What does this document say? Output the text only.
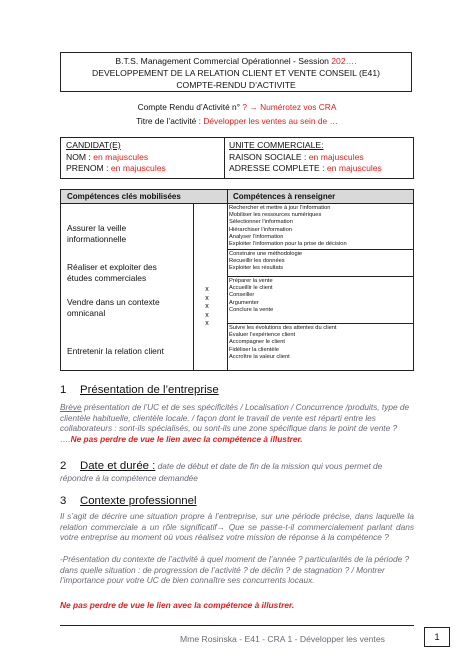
B.T.S. Management Commercial Opérationnel - Session 202….
DEVELOPPEMENT DE LA RELATION CLIENT ET VENTE CONSEIL (E41)
COMPTE-RENDU D’ACTIVITE
Compte Rendu d’Activité n° ? → Numérotez vos CRA
Titre de l’activité : Développer les ventes au sein de …
CANDIDAT(E)
NOM : en majuscules
PRENOM : en majuscules
UNITE COMMERCIALE:
RAISON SOCIALE : en majuscules
ADRESSE COMPLETE : en majuscules
Compétences clés mobilisées	Compétences à renseigner
Assurer la veille informationnelle
Réaliser et exploiter des études commerciales
Vendre dans un contexte omnicanal
Entretenir la relation client
x
x
x
x
x
Rechercher et mettre à jour l’information
Mobiliser les ressources numériques
Sélectionner l’information
Hiérarchiser l’information
Analyser l’information
Exploiter l’information pour la prise de décision
Construire une méthodologie
Recueillir les données
Exploiter les résultats
Préparer la vente
Accueillir le client
Conseiller
Argumenter
Conclure la vente
Suivre les évolutions des attentes du client
Évaluer l’expérience client
Accompagner le client
Fidéliser la clientèle
Accroître la valeur client
1 Présentation de l’entreprise
Brève présentation de l’UC et de ses spécificités / Localisation / Concurrence /produits, type de clientèle habituelle, clientèle locale. / façon dont le travail de vente est réparti entre les collaborateurs : sont-ils spécialisés, ou sont-ils une zone spécifique dans le point de vente ? ….Ne pas perdre de vue le lien avec la compétence à illustrer.
2 Date et durée : date de début et date de fin de la mission qui vous permet de répondre à la compétence demandée
3 Contexte professionnel
Il s’agit de décrire une situation propre à l’entreprise, sur une période précise, dans laquelle la relation commerciale a un rôle significatif→ Que se passe-t-il commercialement parlant dans votre entreprise au moment où vous réalisez votre mission de réponse à la compétence ?
-Présentation du contexte de l’activité à quel moment de l’année ? particularités de la période ? dans quelle situation : de progression de l’activité ? de déclin ? de stagnation ? / Montrer l’importance pour votre UC de bien connaître ses concurrents locaux.
Ne pas perdre de vue le lien avec la compétence à illustrer.
Mme Rosinska - E41 - CRA 1 - Développer les ventes	1
